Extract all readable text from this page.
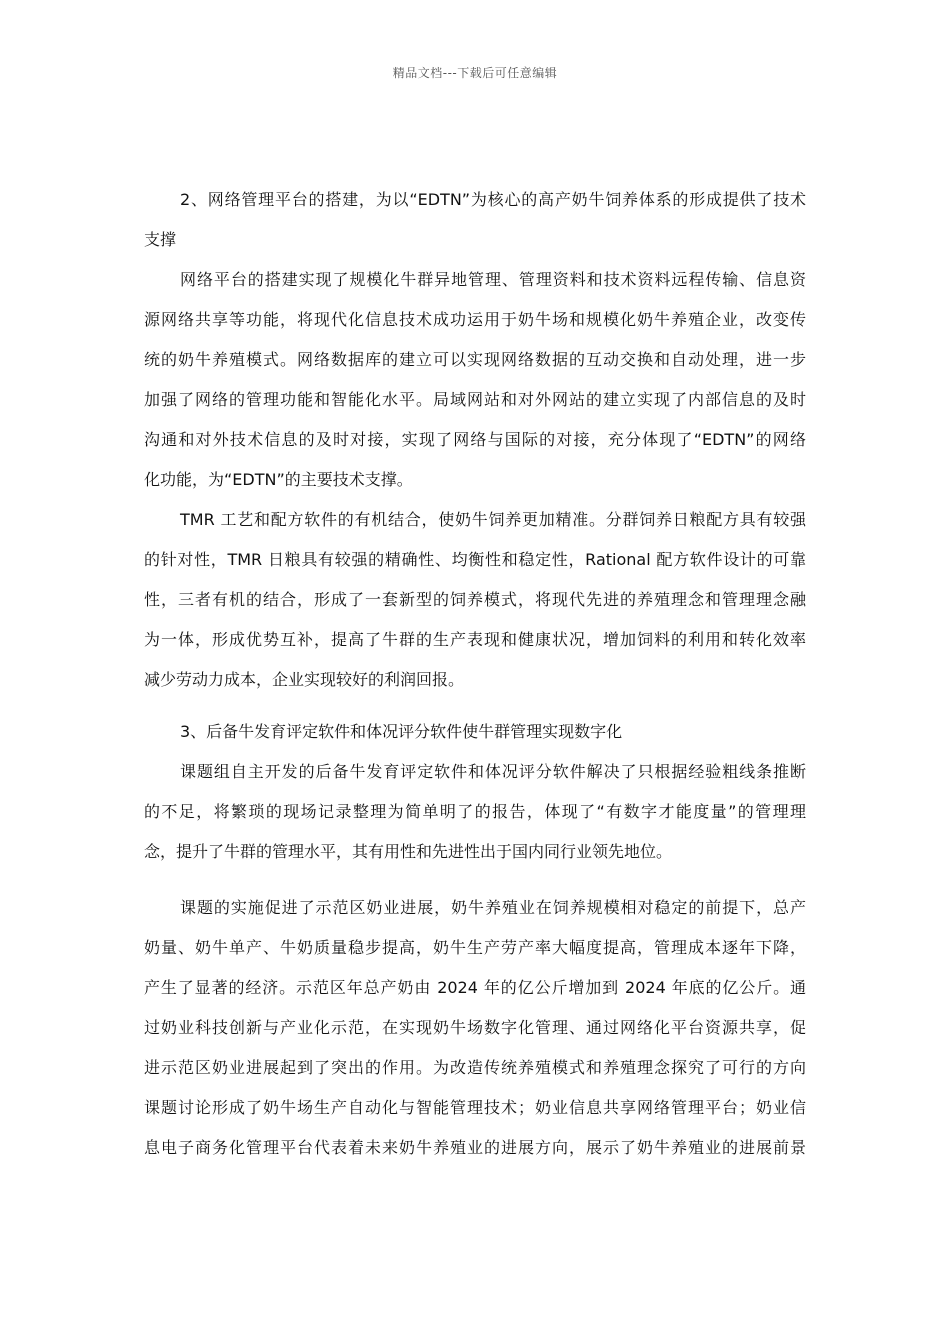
精品文档---下载后可任意编辑
2、网络管理平台的搭建，为以“EDTN”为核心的高产奶牛饲养体系的形成提供了技术
支撑
网络平台的搭建实现了规模化牛群异地管理、管理资料和技术资料远程传输、信息资
源网络共享等功能，将现代化信息技术成功运用于奶牛场和规模化奶牛养殖企业，改变传
统的奶牛养殖模式。网络数据库的建立可以实现网络数据的互动交换和自动处理，进一步
加强了网络的管理功能和智能化水平。局域网站和对外网站的建立实现了内部信息的及时
沟通和对外技术信息的及时对接，实现了网络与国际的对接，充分体现了“EDTN”的网络
化功能，为“EDTN”的主要技术支撑。
TMR 工艺和配方软件的有机结合，使奶牛饲养更加精准。分群饲养日粮配方具有较强
的针对性，TMR 日粮具有较强的精确性、均衡性和稳定性，Rational 配方软件设计的可靠
性，三者有机的结合，形成了一套新型的饲养模式，将现代先进的养殖理念和管理理念融
为一体，形成优势互补，提高了牛群的生产表现和健康状况，增加饲料的利用和转化效率
减少劳动力成本，企业实现较好的利润回报。
3、后备牛发育评定软件和体况评分软件使牛群管理实现数字化
课题组自主开发的后备牛发育评定软件和体况评分软件解决了只根据经验粗线条推断
的不足，将繁琐的现场记录整理为简单明了的报告，体现了“有数字才能度量”的管理理
念，提升了牛群的管理水平，其有用性和先进性出于国内同行业领先地位。
课题的实施促进了示范区奶业进展，奶牛养殖业在饲养规模相对稳定的前提下，总产
奶量、奶牛单产、牛奶质量稳步提高，奶牛生产劳产率大幅度提高，管理成本逐年下降，
产生了显著的经济。示范区年总产奶由 2024 年的亿公斤增加到 2024 年底的亿公斤。通
过奶业科技创新与产业化示范，在实现奶牛场数字化管理、通过网络化平台资源共享，促
进示范区奶业进展起到了突出的作用。为改造传统养殖模式和养殖理念探究了可行的方向
课题讨论形成了奶牛场生产自动化与智能管理技术；奶业信息共享网络管理平台；奶业信
息电子商务化管理平台代表着未来奶牛养殖业的进展方向，展示了奶牛养殖业的进展前景
